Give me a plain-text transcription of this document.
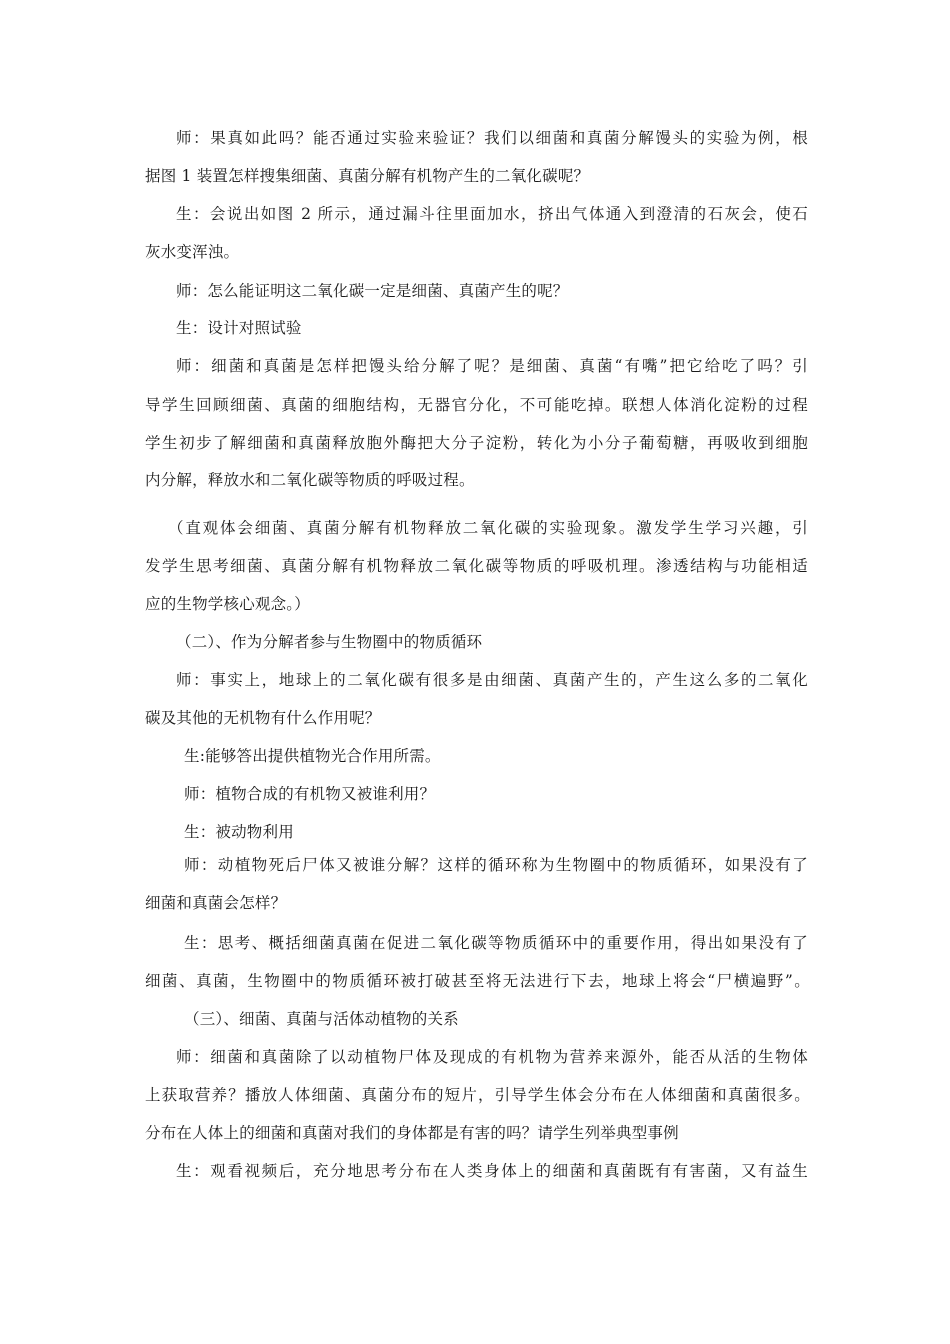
师：果真如此吗？能否通过实验来验证？我们以细菌和真菌分解馒头的实验为例，根
据图 1 装置怎样搜集细菌、真菌分解有机物产生的二氧化碳呢？
生：会说出如图 2 所示，通过漏斗往里面加水，挤出气体通入到澄清的石灰会，使石
灰水变浑浊。
师：怎么能证明这二氧化碳一定是细菌、真菌产生的呢？
生：设计对照试验
师：细菌和真菌是怎样把馒头给分解了呢？是细菌、真菌“有嘴”把它给吃了吗？引
导学生回顾细菌、真菌的细胞结构，无器官分化，不可能吃掉。联想人体消化淀粉的过程
学生初步了解细菌和真菌释放胞外酶把大分子淀粉，转化为小分子葡萄糖，再吸收到细胞
内分解，释放水和二氧化碳等物质的呼吸过程。
（直观体会细菌、真菌分解有机物释放二氧化碳的实验现象。激发学生学习兴趣，引
发学生思考细菌、真菌分解有机物释放二氧化碳等物质的呼吸机理。渗透结构与功能相适
应的生物学核心观念。）
（二）、作为分解者参与生物圈中的物质循环
师：事实上，地球上的二氧化碳有很多是由细菌、真菌产生的，产生这么多的二氧化
碳及其他的无机物有什么作用呢？
生:能够答出提供植物光合作用所需。
师：植物合成的有机物又被谁利用？
生：被动物利用
师：动植物死后尸体又被谁分解？这样的循环称为生物圈中的物质循环，如果没有了
细菌和真菌会怎样？
生：思考、概括细菌真菌在促进二氧化碳等物质循环中的重要作用，得出如果没有了
细菌、真菌，生物圈中的物质循环被打破甚至将无法进行下去，地球上将会“尸横遍野”。
（三）、细菌、真菌与活体动植物的关系
师：细菌和真菌除了以动植物尸体及现成的有机物为营养来源外，能否从活的生物体
上获取营养？播放人体细菌、真菌分布的短片，引导学生体会分布在人体细菌和真菌很多。
分布在人体上的细菌和真菌对我们的身体都是有害的吗？请学生列举典型事例
生：观看视频后，充分地思考分布在人类身体上的细菌和真菌既有有害菌，又有益生
